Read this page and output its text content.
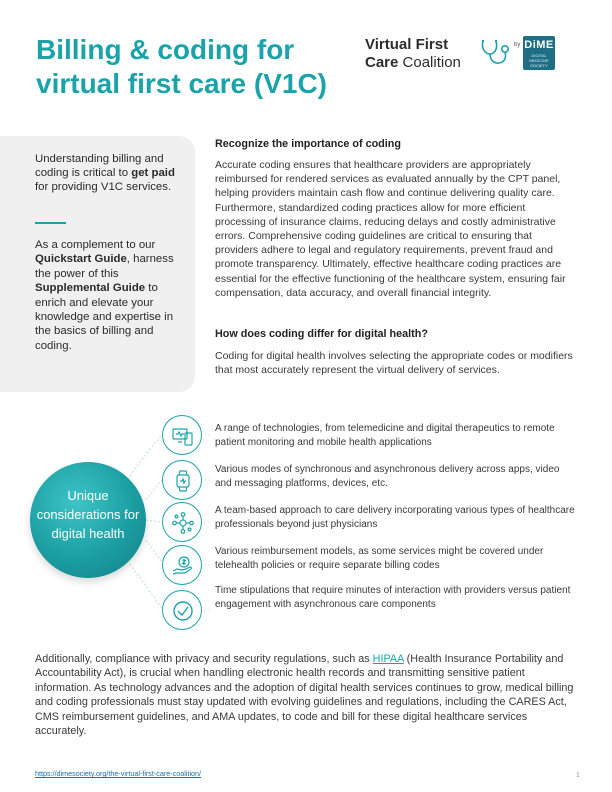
Billing & coding for virtual first care (V1C)
Virtual First
Care Coalition
by DiME
DIGITAL MEDICINE SOCIETY

Understanding billing and coding is critical to get paid for providing V1C services.

As a complement to our Quickstart Guide, harness the power of this Supplemental Guide to enrich and elevate your knowledge and expertise in the basics of billing and coding.

Recognize the importance of coding

Accurate coding ensures that healthcare providers are appropriately reimbursed for rendered services as evaluated annually by the CPT panel, helping providers maintain cash flow and continue delivering quality care. Furthermore, standardized coding practices allow for more efficient processing of insurance claims, reducing delays and costly administrative errors. Comprehensive coding guidelines are critical to ensuring that providers adhere to legal and regulatory requirements, prevent fraud and promote transparency. Ultimately, effective healthcare coding practices are essential for the effective functioning of the healthcare system, ensuring fair compensation, data accuracy, and overall financial integrity.

How does coding differ for digital health?

Coding for digital health involves selecting the appropriate codes or modifiers that most accurately represent the virtual delivery of services.

Unique considerations for digital health

A range of technologies, from telemedicine and digital therapeutics to remote patient monitoring and mobile health applications

Various modes of synchronous and asynchronous delivery across apps, video and messaging platforms, devices, etc.

A team-based approach to care delivery incorporating various types of healthcare professionals beyond just physicians

Various reimbursement models, as some services might be covered under telehealth policies or require separate billing codes

Time stipulations that require minutes of interaction with providers versus patient engagement with asynchronous care components

Additionally, compliance with privacy and security regulations, such as HIPAA (Health Insurance Portability and Accountability Act), is crucial when handling electronic health records and transmitting sensitive patient information. As technology advances and the adoption of digital health services continues to grow, medical billing and coding professionals must stay updated with evolving guidelines and regulations, including the CARES Act, CMS reimbursement guidelines, and AMA updates, to code and bill for these digital healthcare services accurately.

https://dimesociety.org/the-virtual-first-care-coalition/	1
